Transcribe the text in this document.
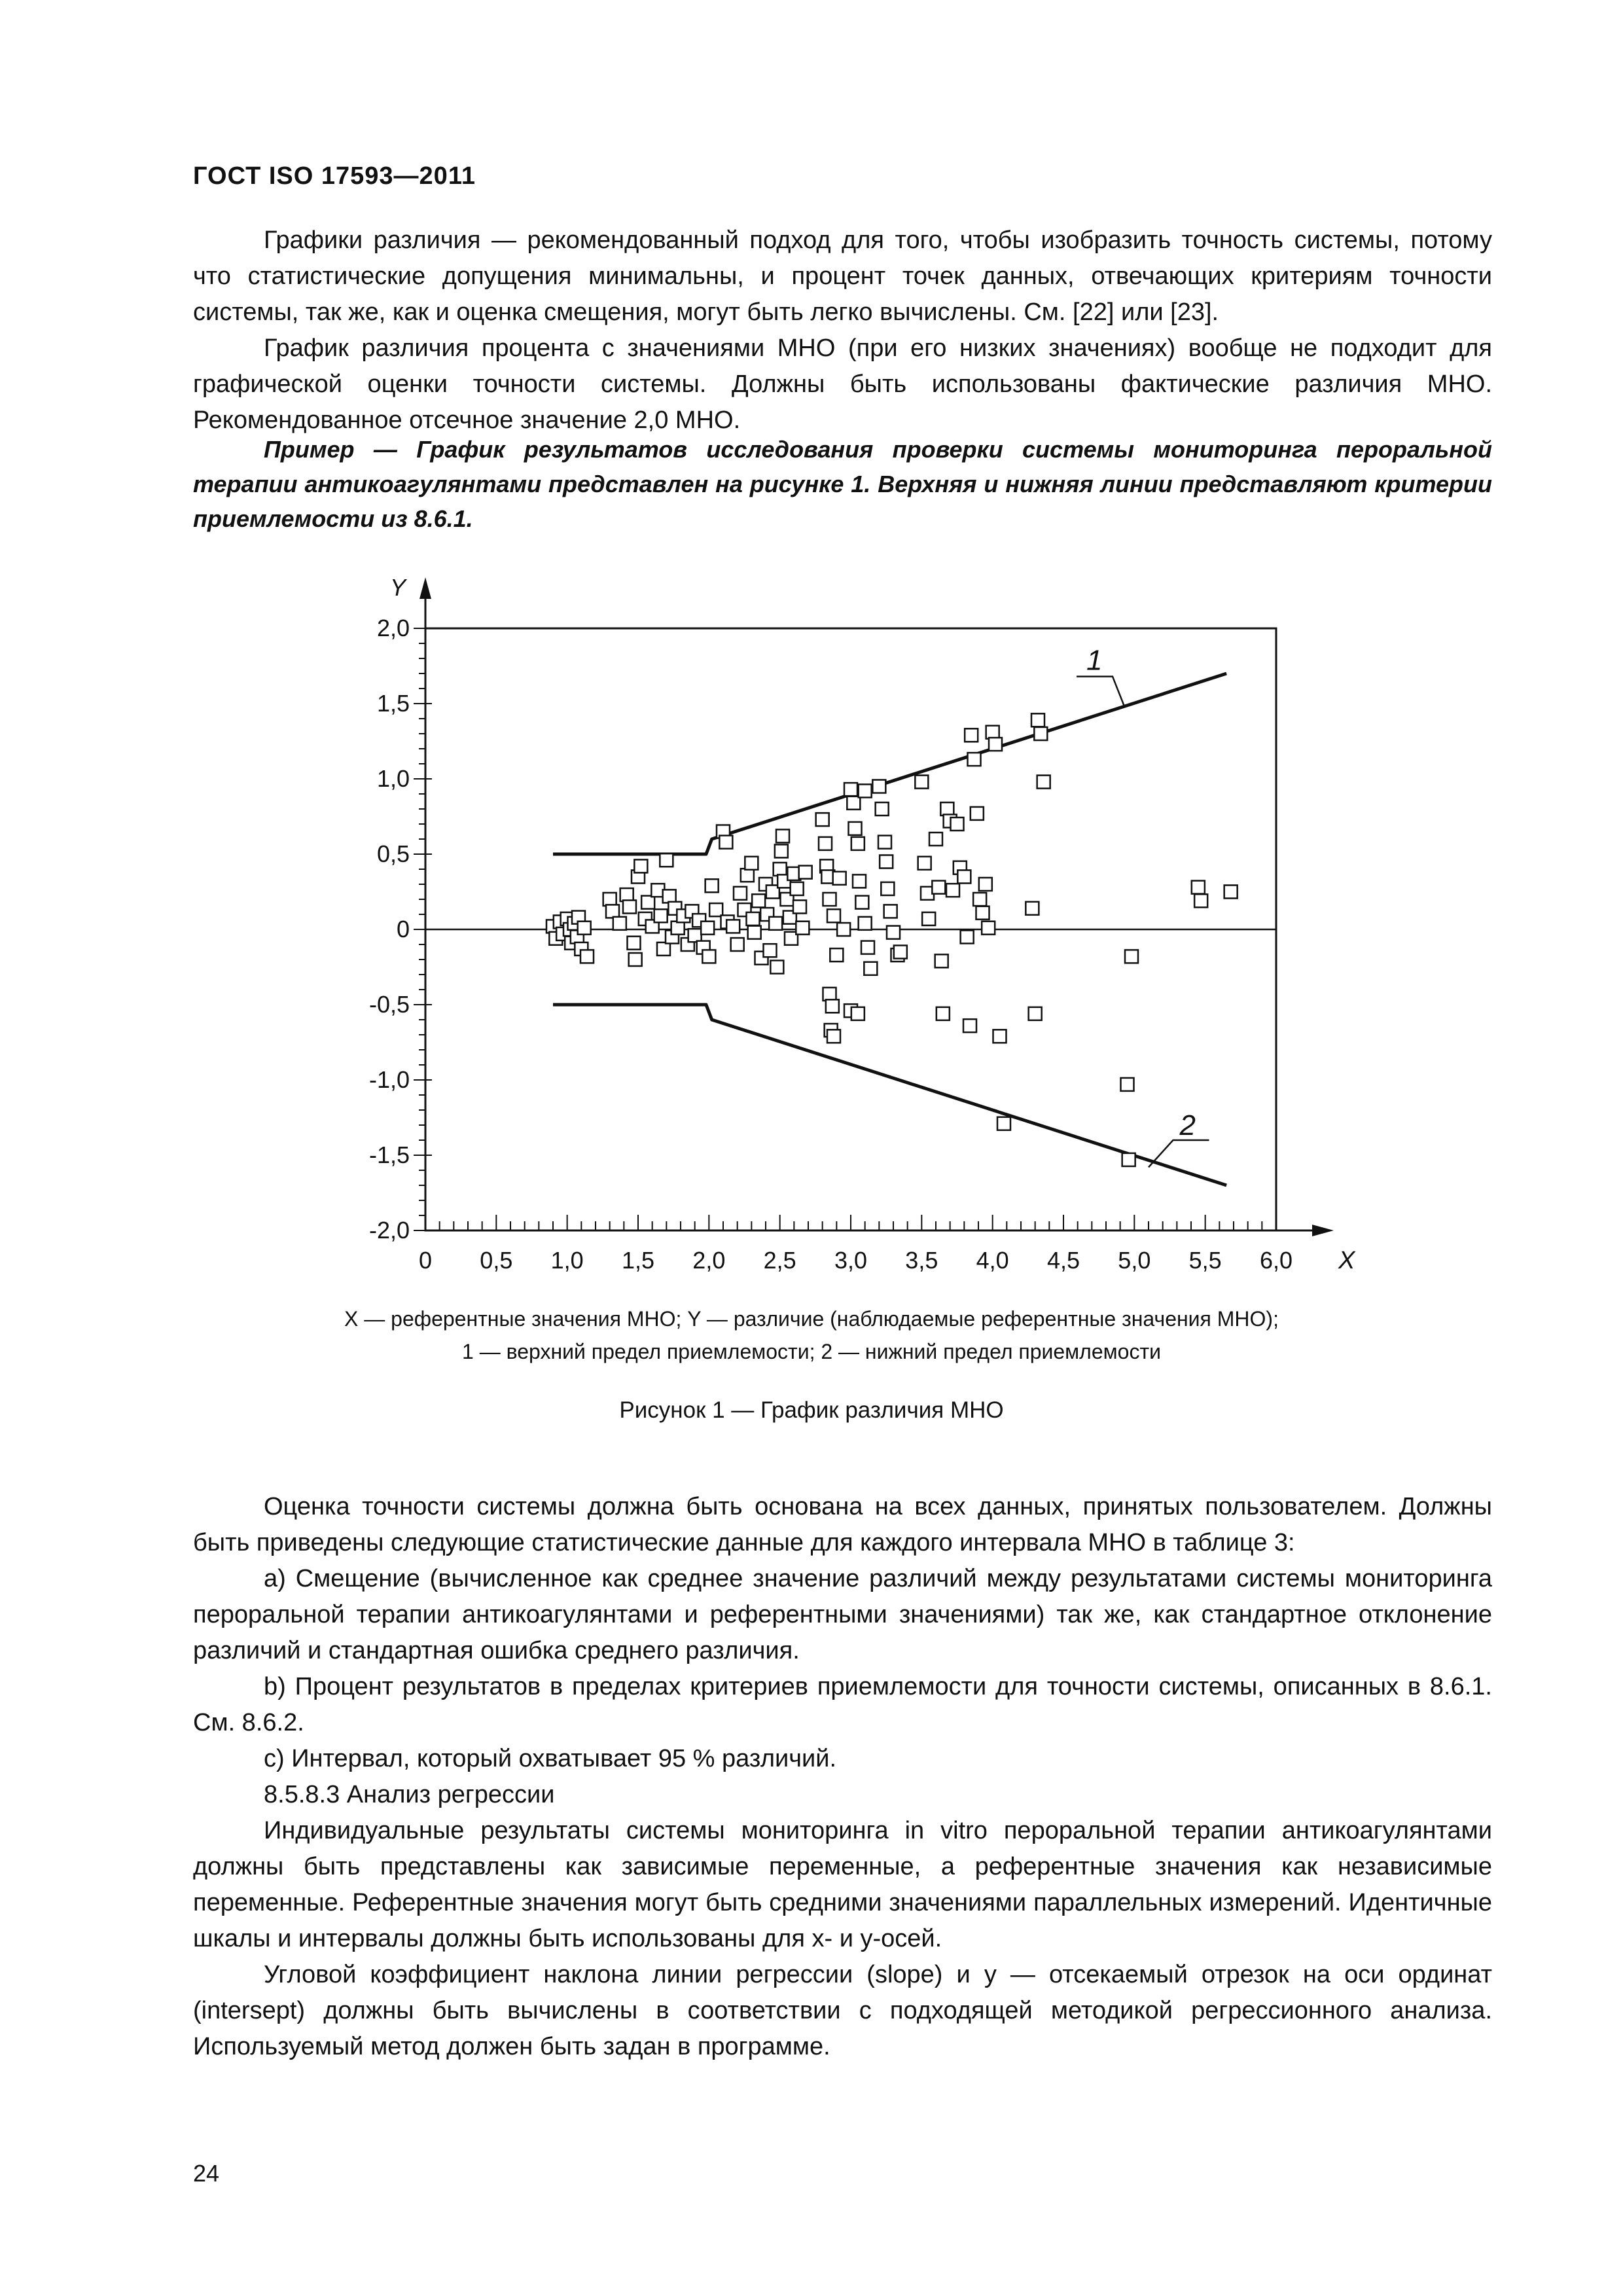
ГОСТ ISO 17593—2011

Графики различия — рекомендованный подход для того, чтобы изобразить точность системы, потому что статистические допущения минимальны, и процент точек данных, отвечающих критериям точности системы, так же, как и оценка смещения, могут быть легко вычислены. См. [22] или [23].

График различия процента с значениями МНО (при его низких значениях) вообще не подходит для графической оценки точности системы. Должны быть использованы фактические различия МНО. Рекомендованное отсечное значение 2,0 МНО.

Пример — График результатов исследования проверки системы мониторинга пероральной терапии антикоагулянтами представлен на рисунке 1. Верхняя и нижняя линии представляют критерии приемлемости из 8.6.1.

0 0,5 1,0 1,5 2,0 2,5 3,0 3,5 4,0 4,5 5,0 5,5 6,0
2,0
1,5
1,0
0,5
0
-0,5
-1,0
-1,5
-2,0
Y
X
1
2
X — референтные значения МНО; Y — различие (наблюдаемые референтные значения МНО);
1 — верхний предел приемлемости; 2 — нижний предел приемлемости
Рисунок 1 — График различия МНО

Оценка точности системы должна быть основана на всех данных, принятых пользователем. Должны быть приведены следующие статистические данные для каждого интервала МНО в таблице 3:

a) Смещение (вычисленное как среднее значение различий между результатами системы мониторинга пероральной терапии антикоагулянтами и референтными значениями) так же, как стандартное отклонение различий и стандартная ошибка среднего различия.

b) Процент результатов в пределах критериев приемлемости для точности системы, описанных в 8.6.1. См. 8.6.2.

c) Интервал, который охватывает 95 % различий.

8.5.8.3 Анализ регрессии

Индивидуальные результаты системы мониторинга in vitro пероральной терапии антикоагулянтами должны быть представлены как зависимые переменные, а референтные значения как независимые переменные. Референтные значения могут быть средними значениями параллельных измерений. Идентичные шкалы и интервалы должны быть использованы для x- и y-осей.

Угловой коэффициент наклона линии регрессии (slope) и y — отсекаемый отрезок на оси ординат (intersept) должны быть вычислены в соответствии с подходящей методикой регрессионного анализа. Используемый метод должен быть задан в программе.

24
